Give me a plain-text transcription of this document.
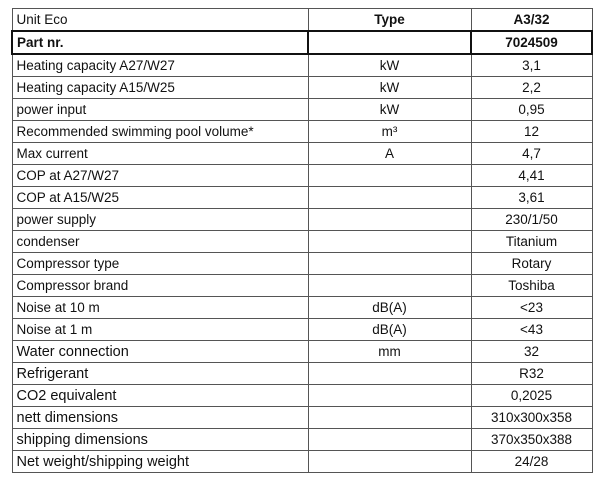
Unit Eco	Type	A3/32
Part nr.		7024509
Heating capacity A27/W27	kW	3,1
Heating capacity A15/W25	kW	2,2
power input	kW	0,95
Recommended swimming pool volume*	m³	12
Max current	A	4,7
COP at A27/W27		4,41
COP at A15/W25		3,61
power supply		230/1/50
condenser		Titanium
Compressor type		Rotary
Compressor brand		Toshiba
Noise at 10 m	dB(A)	<23
Noise at 1 m	dB(A)	<43
Water connection	mm	32
Refrigerant		R32
CO2 equivalent		0,2025
nett dimensions		310x300x358
shipping dimensions		370x350x388
Net weight/shipping weight		24/28
